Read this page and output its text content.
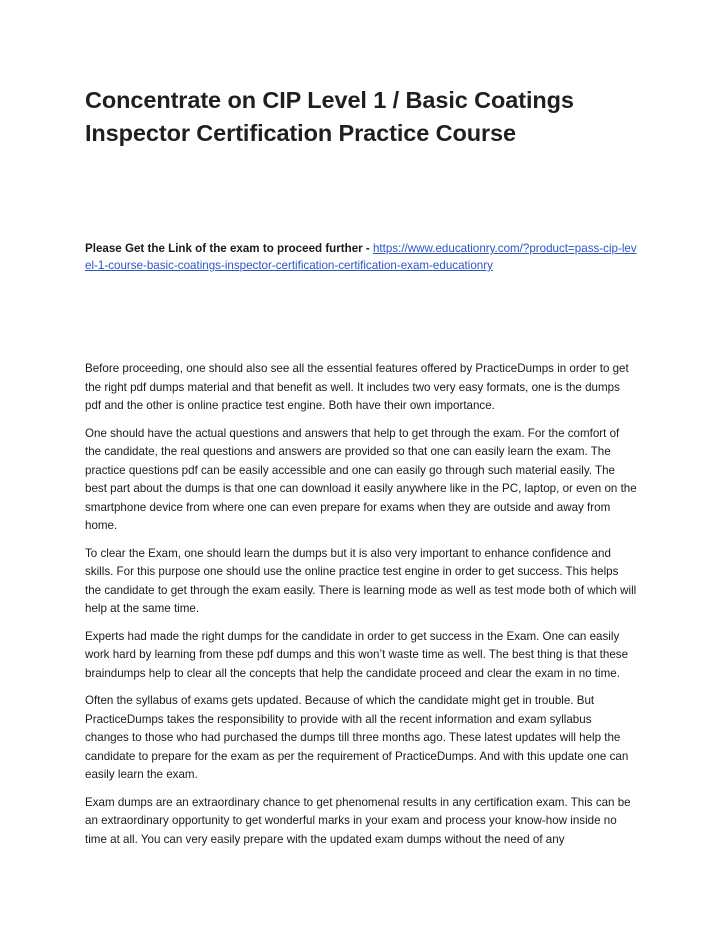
Concentrate on CIP Level 1 / Basic Coatings Inspector Certification Practice Course

Please Get the Link of the exam to proceed further - https://www.educationry.com/?product=pass-cip-level-1-course-basic-coatings-inspector-certification-certification-exam-educationry

Before proceeding, one should also see all the essential features offered by PracticeDumps in order to get the right pdf dumps material and that benefit as well. It includes two very easy formats, one is the dumps pdf and the other is online practice test engine. Both have their own importance.

One should have the actual questions and answers that help to get through the exam. For the comfort of the candidate, the real questions and answers are provided so that one can easily learn the exam. The practice questions pdf can be easily accessible and one can easily go through such material easily. The best part about the dumps is that one can download it easily anywhere like in the PC, laptop, or even on the smartphone device from where one can even prepare for exams when they are outside and away from home.

To clear the Exam, one should learn the dumps but it is also very important to enhance confidence and skills. For this purpose one should use the online practice test engine in order to get success. This helps the candidate to get through the exam easily. There is learning mode as well as test mode both of which will help at the same time.

Experts had made the right dumps for the candidate in order to get success in the Exam. One can easily work hard by learning from these pdf dumps and this won’t waste time as well. The best thing is that these braindumps help to clear all the concepts that help the candidate proceed and clear the exam in no time.

Often the syllabus of exams gets updated. Because of which the candidate might get in trouble. But PracticeDumps takes the responsibility to provide with all the recent information and exam syllabus changes to those who had purchased the dumps till three months ago. These latest updates will help the candidate to prepare for the exam as per the requirement of PracticeDumps. And with this update one can easily learn the exam.

Exam dumps are an extraordinary chance to get phenomenal results in any certification exam. This can be an extraordinary opportunity to get wonderful marks in your exam and process your know-how inside no time at all. You can very easily prepare with the updated exam dumps without the need of any
